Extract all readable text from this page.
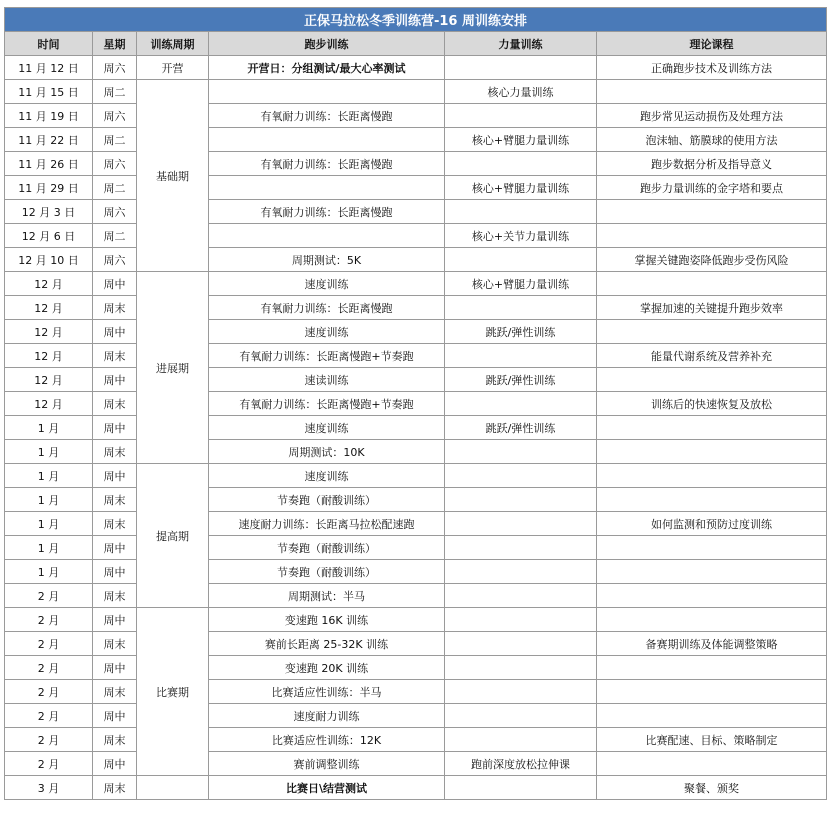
正保马拉松冬季训练营-16 周训练安排					
时间	星期	训练周期	跑步训练	力量训练	理论课程
11 月 12 日	周六	开营	开营日：分组测试/最大心率测试		正确跑步技术及训练方法
11 月 15 日	周二	基础期		核心力量训练	
11 月 19 日	周六		有氧耐力训练：长距离慢跑		跑步常见运动损伤及处理方法
11 月 22 日	周二			核心+臂腿力量训练	泡沫轴、筋膜球的使用方法
11 月 26 日	周六		有氧耐力训练：长距离慢跑		跑步数据分析及指导意义
11 月 29 日	周二			核心+臂腿力量训练	跑步力量训练的金字塔和要点
12 月 3 日	周六		有氧耐力训练：长距离慢跑		
12 月 6 日	周二			核心+关节力量训练	
12 月 10 日	周六		周期测试：5K		掌握关键跑姿降低跑步受伤风险
12 月	周中	进展期	速度训练	核心+臂腿力量训练	
12 月	周末		有氧耐力训练：长距离慢跑		掌握加速的关键提升跑步效率
12 月	周中		速度训练	跳跃/弹性训练	
12 月	周末		有氧耐力训练：长距离慢跑+节奏跑		能量代谢系统及营养补充
12 月	周中		速读训练	跳跃/弹性训练	
12 月	周末		有氧耐力训练：长距离慢跑+节奏跑		训练后的快速恢复及放松
1 月	周中		速度训练	跳跃/弹性训练	
1 月	周末		周期测试：10K		
1 月	周中	提高期	速度训练		
1 月	周末		节奏跑（耐酸训练）		
1 月	周末		速度耐力训练：长距离马拉松配速跑		如何监测和预防过度训练
1 月	周中		节奏跑（耐酸训练）		
1 月	周中		节奏跑（耐酸训练）		
2 月	周末		周期测试：半马		
2 月	周中	比赛期	变速跑 16K 训练		
2 月	周末		赛前长距离 25-32K 训练		备赛期训练及体能调整策略
2 月	周中		变速跑 20K 训练		
2 月	周末		比赛适应性训练：半马		
2 月	周中		速度耐力训练		
2 月	周末		比赛适应性训练：12K		比赛配速、目标、策略制定
2 月	周中		赛前调整训练	跑前深度放松拉伸课	
3 月	周末		比赛日\结营测试		聚餐、颁奖
